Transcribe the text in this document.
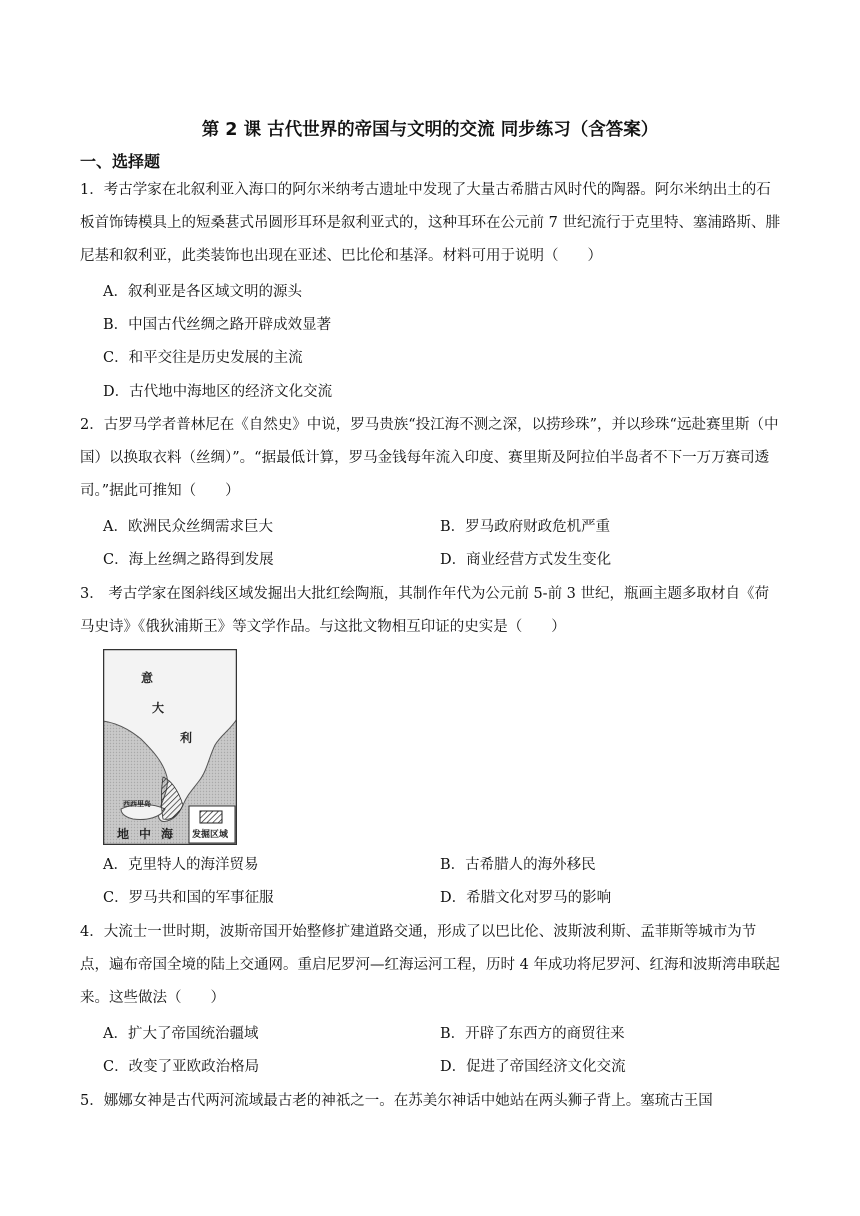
第 2 课 古代世界的帝国与文明的交流 同步练习（含答案）
一、选择题

1．考古学家在北叙利亚入海口的阿尔米纳考古遗址中发现了大量古希腊古风时代的陶器。阿尔米纳出土的石板首饰铸模具上的短桑葚式吊圆形耳环是叙利亚式的，这种耳环在公元前 7 世纪流行于克里特、塞浦路斯、腓尼基和叙利亚，此类装饰也出现在亚述、巴比伦和基泽。材料可用于说明（　　）

A．叙利亚是各区域文明的源头
B．中国古代丝绸之路开辟成效显著
C．和平交往是历史发展的主流
D．古代地中海地区的经济文化交流

2．古罗马学者普林尼在《自然史》中说，罗马贵族“投江海不测之深，以捞珍珠”，并以珍珠“远赴赛里斯（中国）以换取衣料（丝绸）”。“据最低计算，罗马金钱每年流入印度、赛里斯及阿拉伯半岛者不下一万万赛司透司。”据此可推知（　　）

A．欧洲民众丝绸需求巨大	B．罗马政府财政危机严重
C．海上丝绸之路得到发展	D．商业经营方式发生变化

3． 考古学家在图斜线区域发掘出大批红绘陶瓶，其制作年代为公元前 5-前 3 世纪，瓶画主题多取材自《荷马史诗》《俄狄浦斯王》等文学作品。与这批文物相互印证的史实是（　　）

意
大
利
西西里岛
地 中 海 发掘区域
A．克里特人的海洋贸易	B．古希腊人的海外移民
C．罗马共和国的军事征服	D．希腊文化对罗马的影响

4．大流士一世时期，波斯帝国开始整修扩建道路交通，形成了以巴比伦、波斯波利斯、孟菲斯等城市为节点，遍布帝国全境的陆上交通网。重启尼罗河—红海运河工程，历时 4 年成功将尼罗河、红海和波斯湾串联起来。这些做法（　　）

A．扩大了帝国统治疆域	B．开辟了东西方的商贸往来
C．改变了亚欧政治格局	D．促进了帝国经济文化交流

5．娜娜女神是古代两河流域最古老的神祇之一。在苏美尔神话中她站在两头狮子背上。塞琉古王国
